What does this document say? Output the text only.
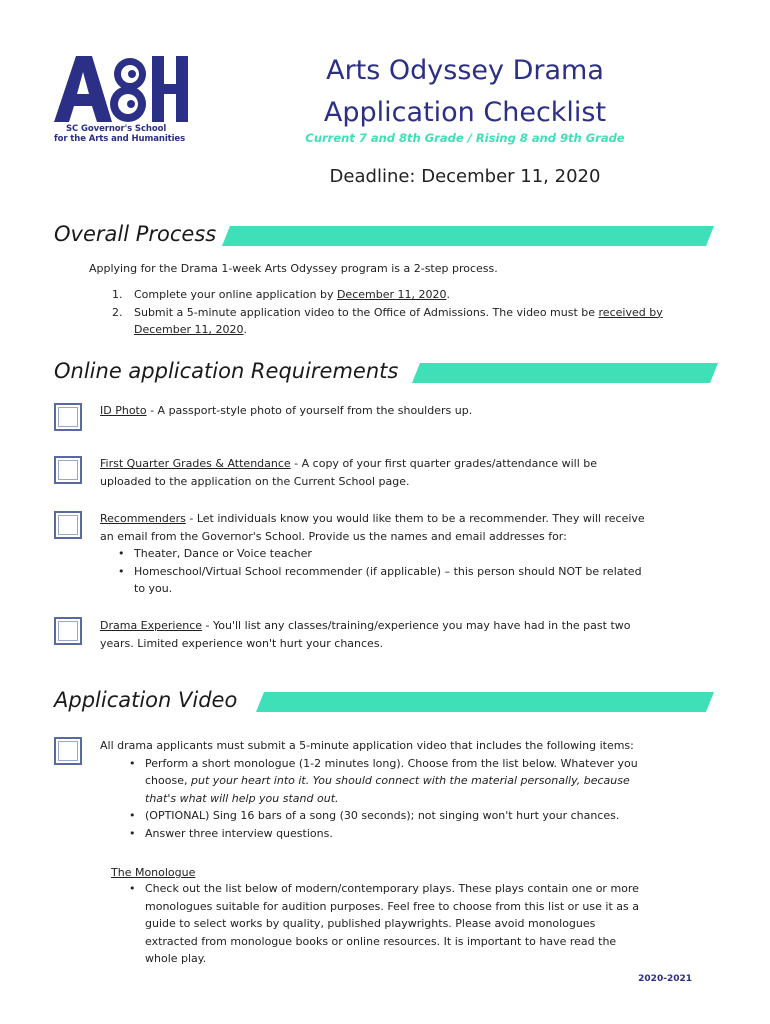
SC Governor's School
for the Arts and Humanities
Arts Odyssey Drama
Application Checklist
Current 7 and 8th Grade / Rising 8 and 9th Grade
Deadline: December 11, 2020
Overall Process
Applying for the Drama 1-week Arts Odyssey program is a 2-step process.
1. Complete your online application by December 11, 2020.
2. Submit a 5-minute application video to the Office of Admissions. The video must be received by
December 11, 2020.
Online application Requirements
ID Photo - A passport-style photo of yourself from the shoulders up.
First Quarter Grades & Attendance - A copy of your first quarter grades/attendance will be
uploaded to the application on the Current School page.
Recommenders - Let individuals know you would like them to be a recommender. They will receive
an email from the Governor's School. Provide us the names and email addresses for:
• Theater, Dance or Voice teacher
• Homeschool/Virtual School recommender (if applicable) – this person should NOT be related
to you.
Drama Experience - You'll list any classes/training/experience you may have had in the past two
years. Limited experience won't hurt your chances.
Application Video
All drama applicants must submit a 5-minute application video that includes the following items:
• Perform a short monologue (1-2 minutes long). Choose from the list below. Whatever you
choose, put your heart into it. You should connect with the material personally, because
that's what will help you stand out.
• (OPTIONAL) Sing 16 bars of a song (30 seconds); not singing won't hurt your chances.
• Answer three interview questions.
The Monologue
• Check out the list below of modern/contemporary plays. These plays contain one or more
monologues suitable for audition purposes. Feel free to choose from this list or use it as a
guide to select works by quality, published playwrights. Please avoid monologues
extracted from monologue books or online resources. It is important to have read the
whole play.
2020-2021
